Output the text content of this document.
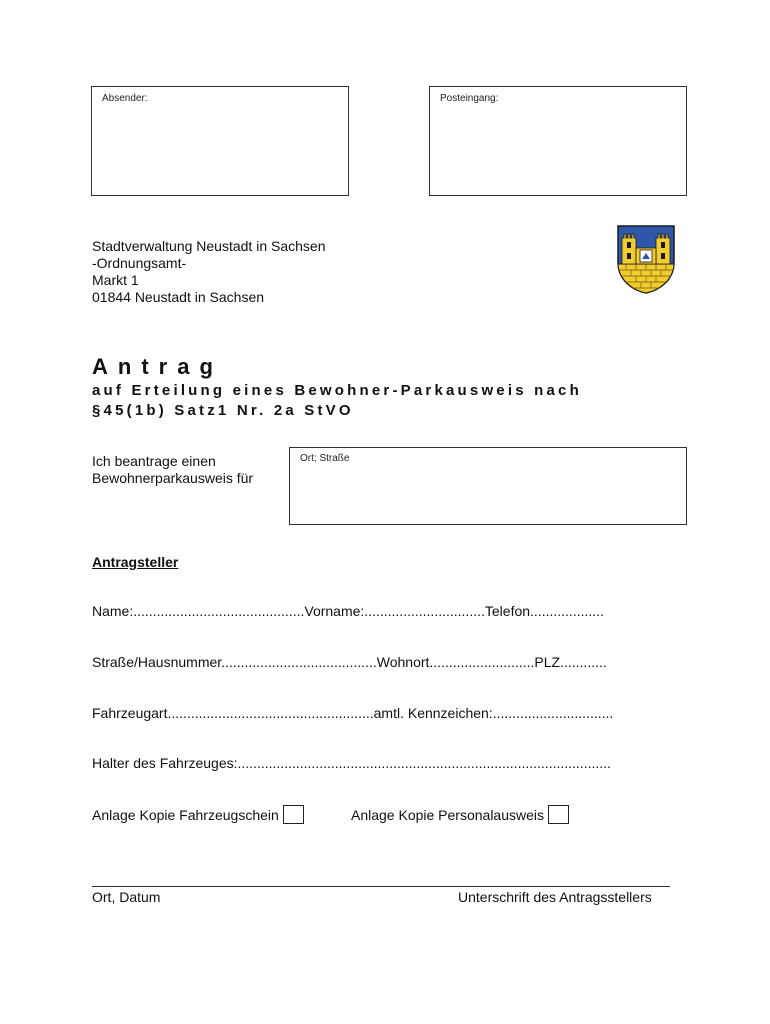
Absender:	Posteingang:
Stadtverwaltung Neustadt in Sachsen
-Ordnungsamt-
Markt 1
01844 Neustadt in Sachsen
Antrag
auf Erteilung eines Bewohner-Parkausweis nach
§45(1b) Satz1 Nr. 2a StVO
Ich beantrage einen
Bewohnerparkausweis für
Ort; Straße
Antragsteller
Name:............................................Vorname:...............................Telefon...................
Straße/Hausnummer........................................Wohnort...........................PLZ............
Fahrzeugart.....................................................amtl. Kennzeichen:...............................
Halter des Fahrzeuges:................................................................................................
Anlage Kopie Fahrzeugschein	Anlage Kopie Personalausweis
Ort, Datum	Unterschrift des Antragsstellers
